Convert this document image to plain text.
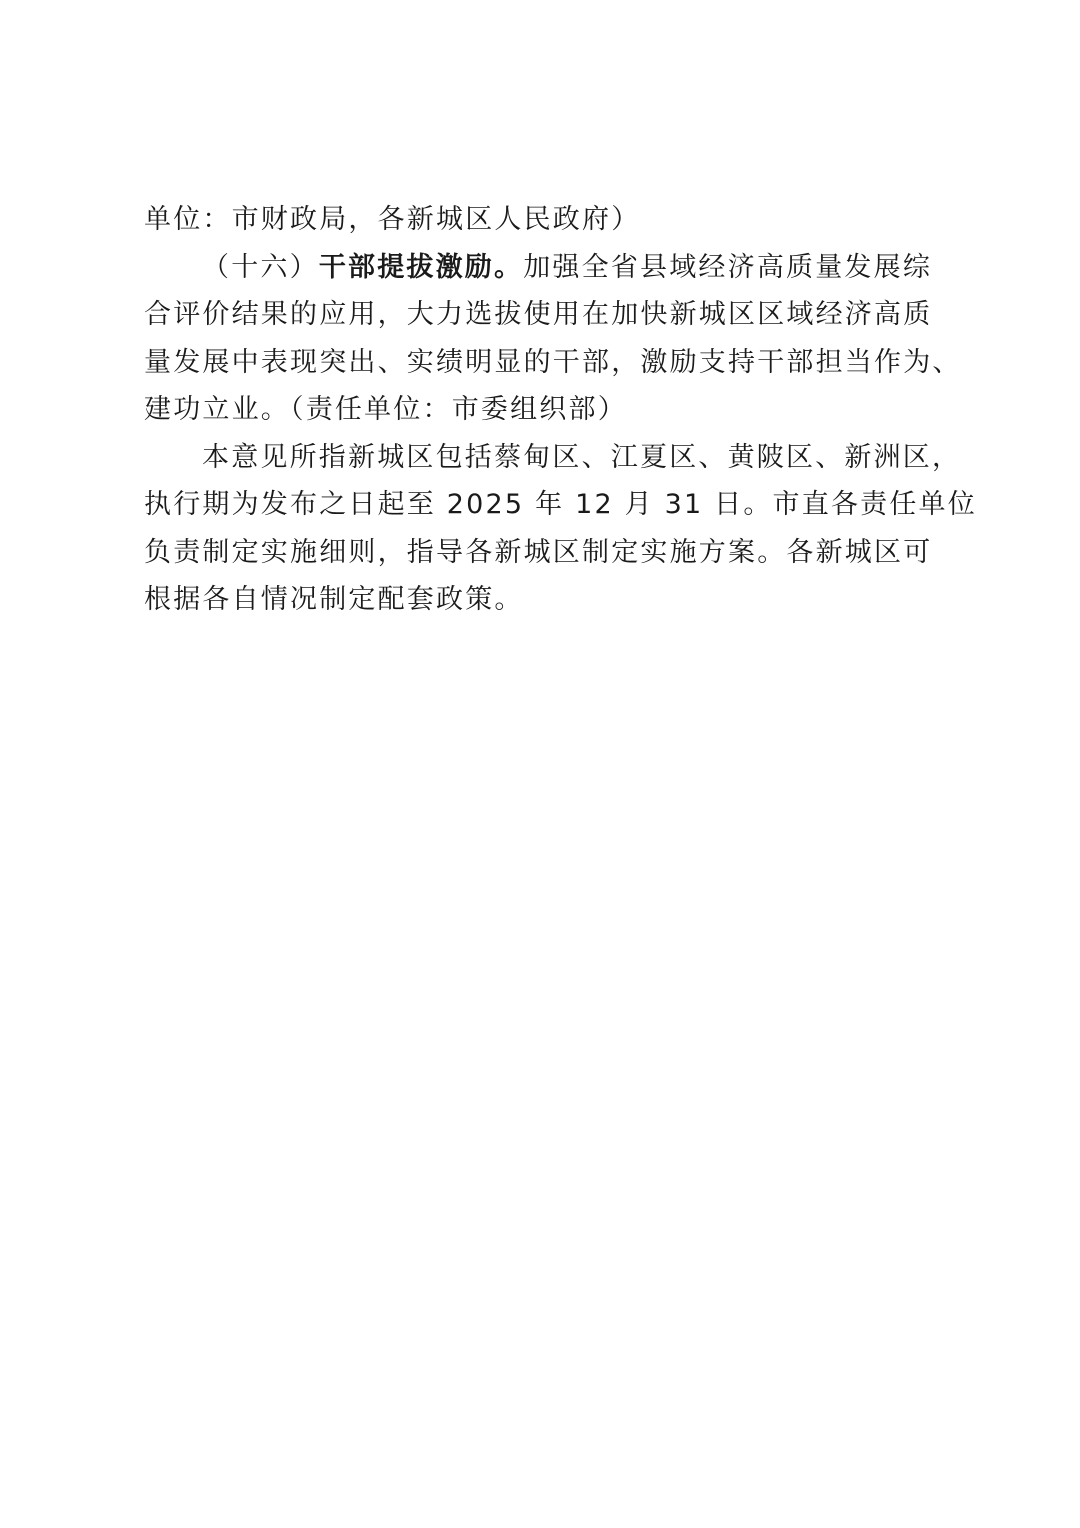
单位：市财政局，各新城区人民政府）
（十六）干部提拔激励。加强全省县域经济高质量发展综
合评价结果的应用，大力选拔使用在加快新城区区域经济高质
量发展中表现突出、实绩明显的干部，激励支持干部担当作为、
建功立业。（责任单位：市委组织部）
本意见所指新城区包括蔡甸区、江夏区、黄陂区、新洲区，
执行期为发布之日起至 2025 年 12 月 31 日。市直各责任单位
负责制定实施细则，指导各新城区制定实施方案。各新城区可
根据各自情况制定配套政策。
